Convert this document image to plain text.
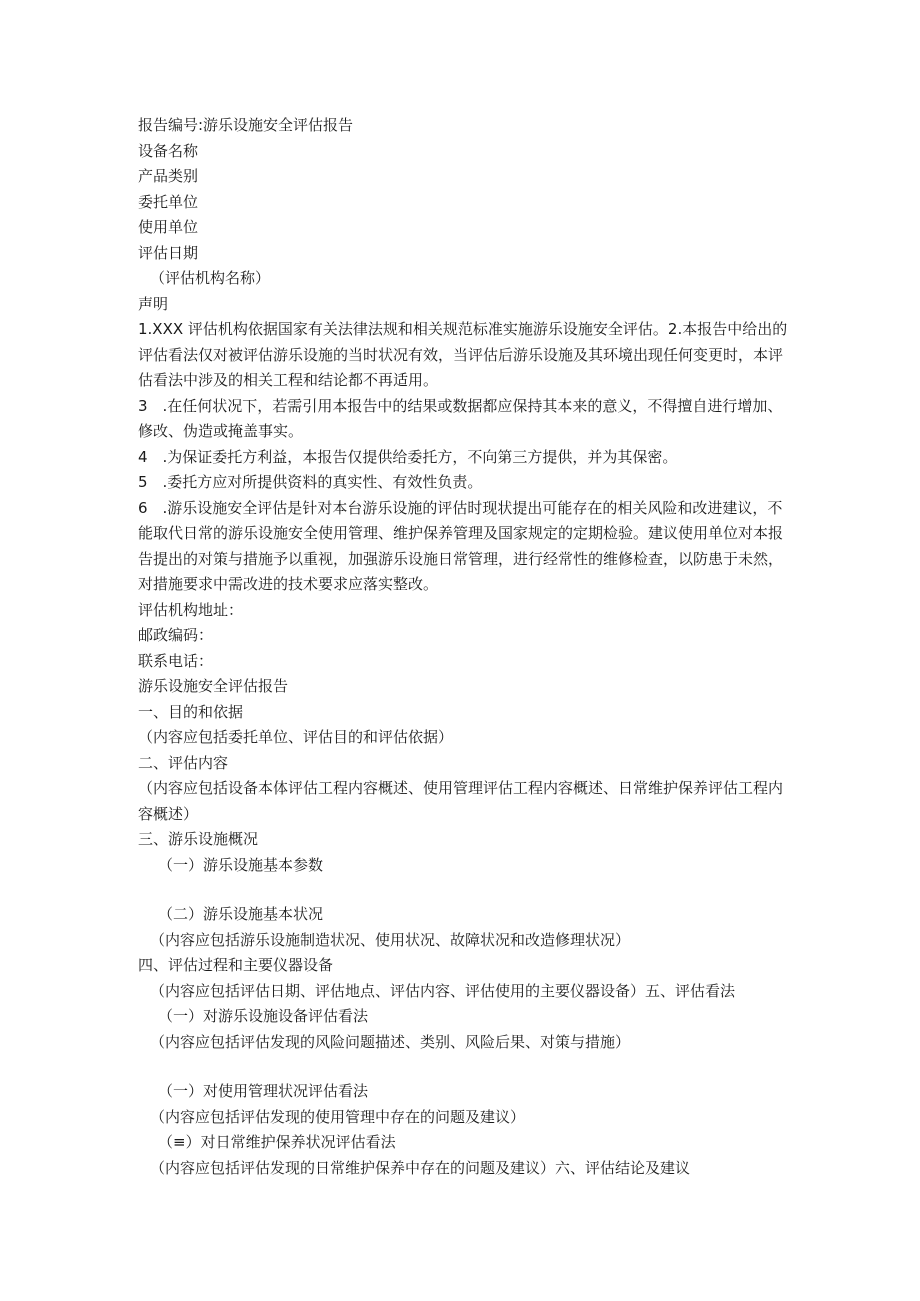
报告编号:游乐设施安全评估报告
设备名称
产品类别
委托单位
使用单位
评估日期
（评估机构名称）
声明

1.XXX 评估机构依据国家有关法律法规和相关规范标准实施游乐设施安全评估。2.本报告中给出的评估看法仅对被评估游乐设施的当时状况有效，当评估后游乐设施及其环境出现任何变更时，本评估看法中涉及的相关工程和结论都不再适用。

3　.在任何状况下，若需引用本报告中的结果或数据都应保持其本来的意义，不得擅自进行增加、修改、伪造或掩盖事实。

4　.为保证委托方利益，本报告仅提供给委托方，不向第三方提供，并为其保密。

5　.委托方应对所提供资料的真实性、有效性负责。

6　.游乐设施安全评估是针对本台游乐设施的评估时现状提出可能存在的相关风险和改进建议，不能取代日常的游乐设施安全使用管理、维护保养管理及国家规定的定期检验。建议使用单位对本报告提出的对策与措施予以重视，加强游乐设施日常管理，进行经常性的维修检查，以防患于未然，对措施要求中需改进的技术要求应落实整改。

评估机构地址：
邮政编码：
联系电话：
游乐设施安全评估报告
一、目的和依据
（内容应包括委托单位、评估目的和评估依据）
二、评估内容

（内容应包括设备本体评估工程内容概述、使用管理评估工程内容概述、日常维护保养评估工程内容概述）

三、游乐设施概况
（一）游乐设施基本参数
（二）游乐设施基本状况
（内容应包括游乐设施制造状况、使用状况、故障状况和改造修理状况）
四、评估过程和主要仪器设备

（内容应包括评估日期、评估地点、评估内容、评估使用的主要仪器设备）五、评估看法

（一）对游乐设施设备评估看法
（内容应包括评估发现的风险问题描述、类别、风险后果、对策与措施）
（一）对使用管理状况评估看法
（内容应包括评估发现的使用管理中存在的问题及建议）
（≡）对日常维护保养状况评估看法
（内容应包括评估发现的日常维护保养中存在的问题及建议）六、评估结论及建议
